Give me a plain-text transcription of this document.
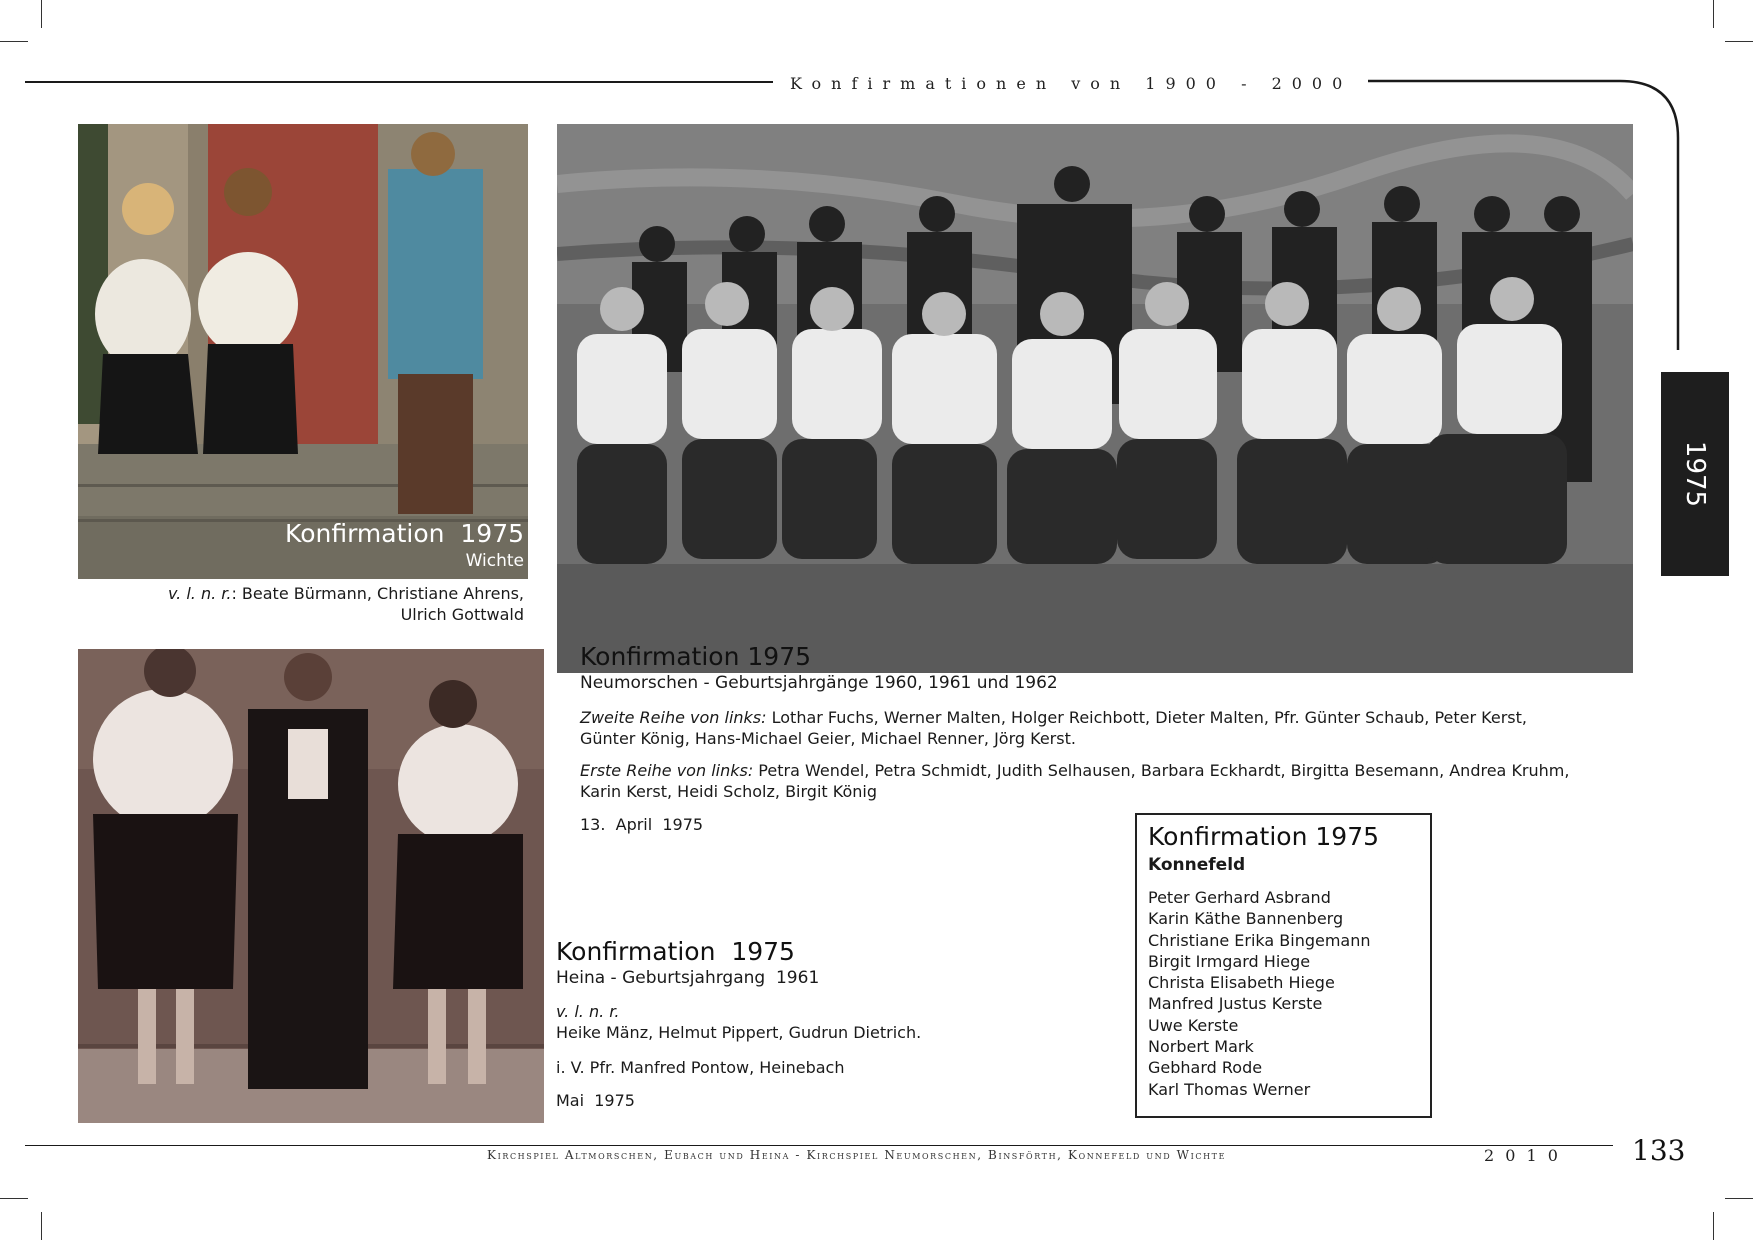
Konfirmationen von 1900 - 2000
1975
Konfirmation  1975
Wichte
v. l. n. r.: Beate Bürmann, Christiane Ahrens,
Ulrich Gottwald
Konfirmation 1975
Neumorschen - Geburtsjahrgänge 1960, 1961 und 1962
Zweite Reihe von links: Lothar Fuchs, Werner Malten, Holger Reichbott, Dieter Malten, Pfr. Günter Schaub, Peter Kerst,
Günter König, Hans-Michael Geier, Michael Renner, Jörg Kerst.
Erste Reihe von links: Petra Wendel, Petra Schmidt, Judith Selhausen, Barbara Eckhardt, Birgitta Besemann, Andrea Kruhm,
Karin Kerst, Heidi Scholz, Birgit König
13.  April  1975
Konfirmation  1975
Heina - Geburtsjahrgang  1961
v. l. n. r.
Heike Mänz, Helmut Pippert, Gudrun Dietrich.
i. V. Pfr. Manfred Pontow, Heinebach
Mai  1975
Konfirmation 1975
Konnefeld
Peter Gerhard Asbrand
Karin Käthe Bannenberg
Christiane Erika Bingemann
Birgit Irmgard Hiege
Christa Elisabeth Hiege
Manfred Justus Kerste
Uwe Kerste
Norbert Mark
Gebhard Rode
Karl Thomas Werner
Kirchspiel Altmorschen, Eubach und Heina - Kirchspiel Neumorschen, Binsförth, Konnefeld und Wichte	2 0 1 0	133
